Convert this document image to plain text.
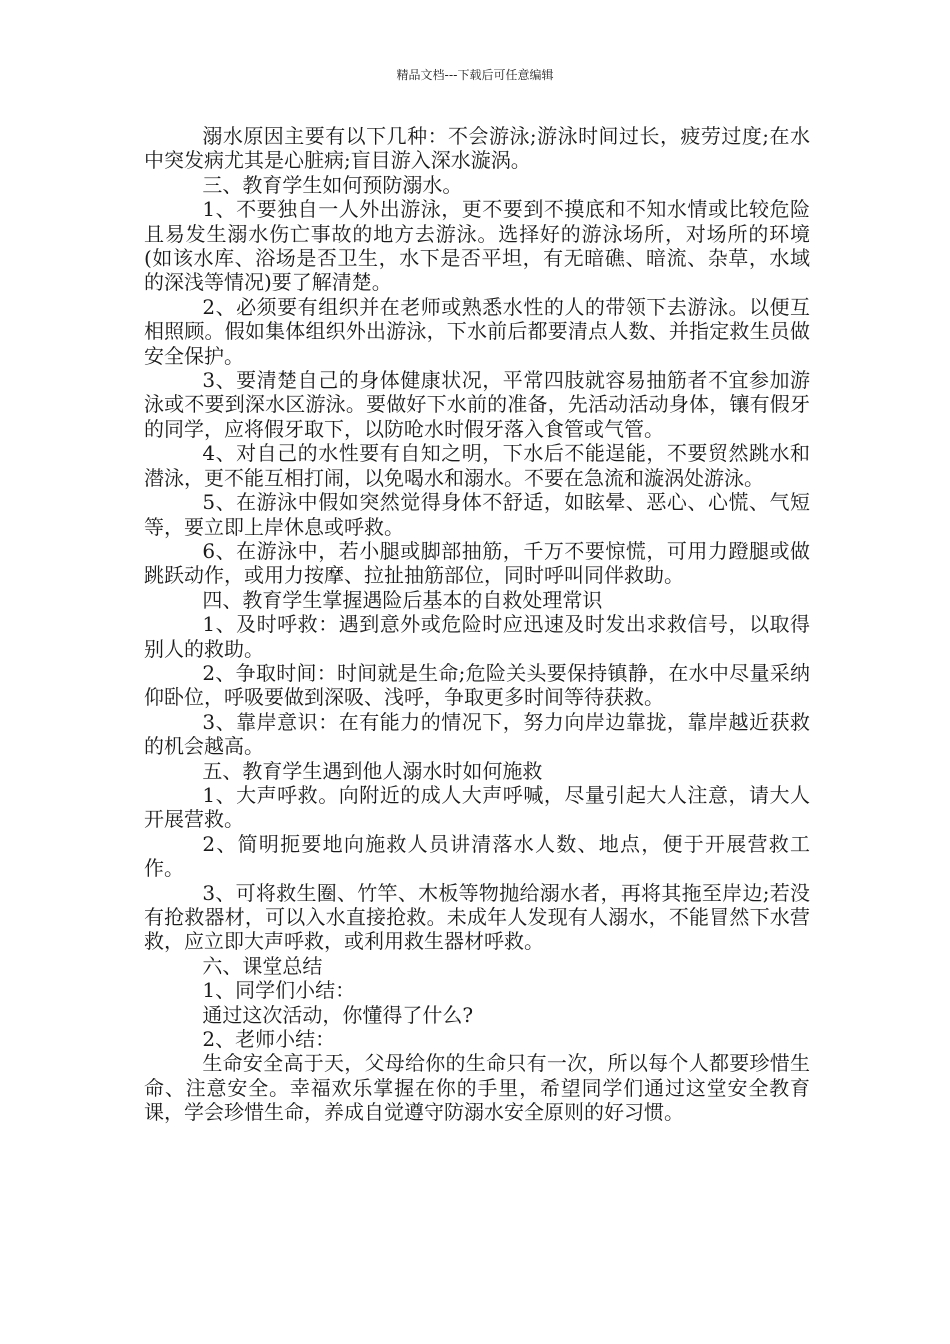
精品文档---下载后可任意编辑

溺水原因主要有以下几种：不会游泳;游泳时间过长，疲劳过度;在水中突发病尤其是心脏病;盲目游入深水漩涡。

三、教育学生如何预防溺水。

1、不要独自一人外出游泳，更不要到不摸底和不知水情或比较危险且易发生溺水伤亡事故的地方去游泳。选择好的游泳场所，对场所的环境(如该水库、浴场是否卫生，水下是否平坦，有无暗礁、暗流、杂草，水域的深浅等情况)要了解清楚。

2、必须要有组织并在老师或熟悉水性的人的带领下去游泳。以便互相照顾。假如集体组织外出游泳，下水前后都要清点人数、并指定救生员做安全保护。

3、要清楚自己的身体健康状况，平常四肢就容易抽筋者不宜参加游泳或不要到深水区游泳。要做好下水前的准备，先活动活动身体，镶有假牙的同学，应将假牙取下，以防呛水时假牙落入食管或气管。

4、对自己的水性要有自知之明，下水后不能逞能，不要贸然跳水和潜泳，更不能互相打闹，以免喝水和溺水。不要在急流和漩涡处游泳。

5、在游泳中假如突然觉得身体不舒适，如眩晕、恶心、心慌、气短等，要立即上岸休息或呼救。

6、在游泳中，若小腿或脚部抽筋，千万不要惊慌，可用力蹬腿或做跳跃动作，或用力按摩、拉扯抽筋部位，同时呼叫同伴救助。

四、教育学生掌握遇险后基本的自救处理常识

1、及时呼救：遇到意外或危险时应迅速及时发出求救信号，以取得别人的救助。

2、争取时间：时间就是生命;危险关头要保持镇静，在水中尽量采纳仰卧位，呼吸要做到深吸、浅呼，争取更多时间等待获救。

3、靠岸意识：在有能力的情况下，努力向岸边靠拢，靠岸越近获救的机会越高。

五、教育学生遇到他人溺水时如何施救

1、大声呼救。向附近的成人大声呼喊，尽量引起大人注意，请大人开展营救。

2、简明扼要地向施救人员讲清落水人数、地点，便于开展营救工作。

3、可将救生圈、竹竿、木板等物抛给溺水者，再将其拖至岸边;若没有抢救器材，可以入水直接抢救。未成年人发现有人溺水，不能冒然下水营救，应立即大声呼救，或利用救生器材呼救。

六、课堂总结

1、同学们小结：

通过这次活动，你懂得了什么?

2、老师小结：

生命安全高于天，父母给你的生命只有一次，所以每个人都要珍惜生命、注意安全。幸福欢乐掌握在你的手里，希望同学们通过这堂安全教育课，学会珍惜生命，养成自觉遵守防溺水安全原则的好习惯。
